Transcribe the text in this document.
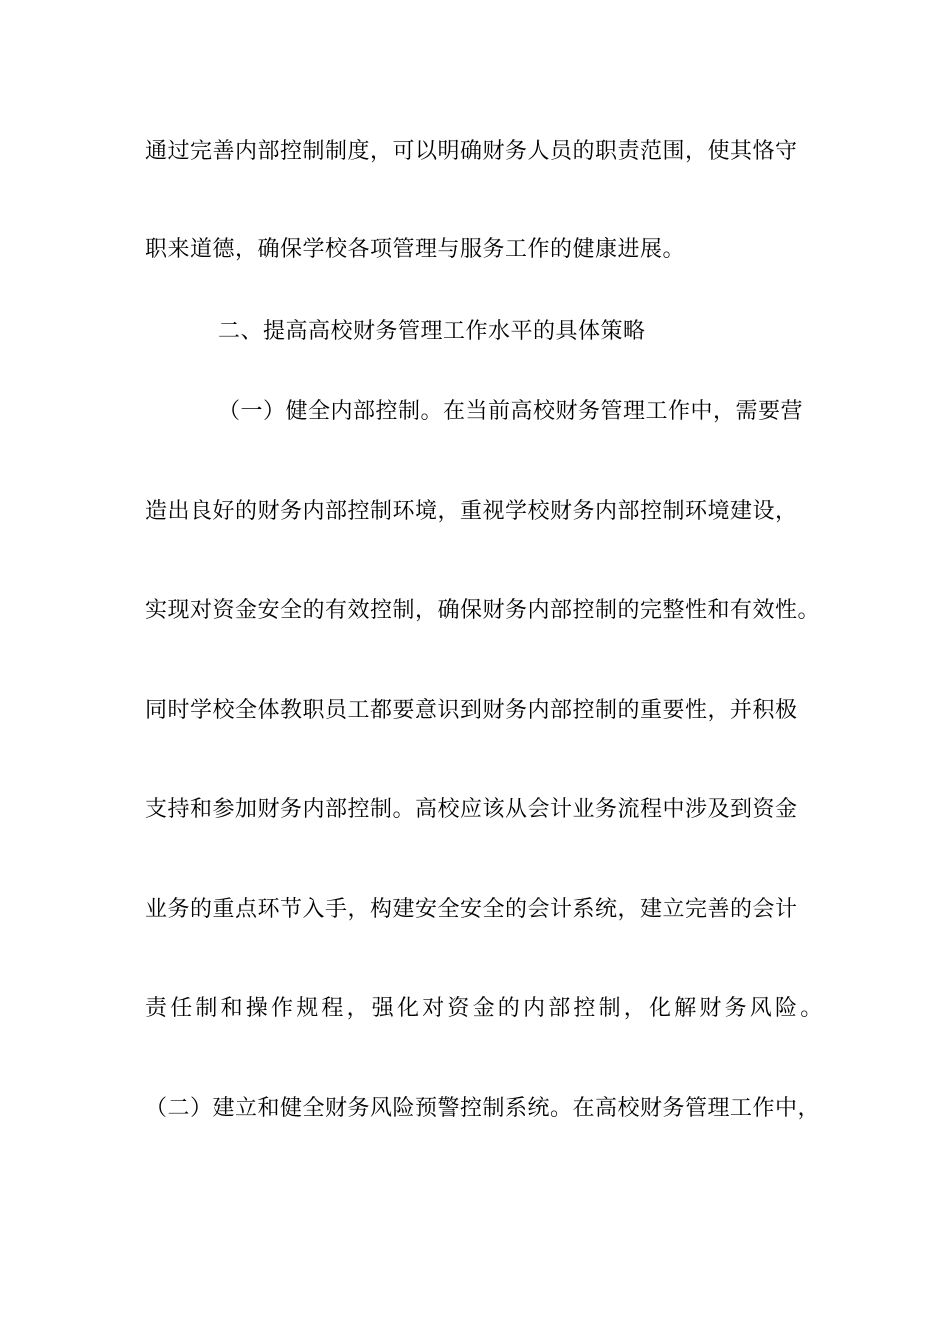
通过完善内部控制制度，可以明确财务人员的职责范围，使其恪守
职来道德，确保学校各项管理与服务工作的健康进展。
二、提高高校财务管理工作水平的具体策略
（一）健全内部控制。在当前高校财务管理工作中，需要营
造出良好的财务内部控制环境，重视学校财务内部控制环境建设，
实现对资金安全的有效控制，确保财务内部控制的完整性和有效性。
同时学校全体教职员工都要意识到财务内部控制的重要性，并积极
支持和参加财务内部控制。高校应该从会计业务流程中涉及到资金
业务的重点环节入手，构建安全安全的会计系统，建立完善的会计
责任制和操作规程，强化对资金的内部控制，化解财务风险。
（二）建立和健全财务风险预警控制系统。在高校财务管理工作中，
